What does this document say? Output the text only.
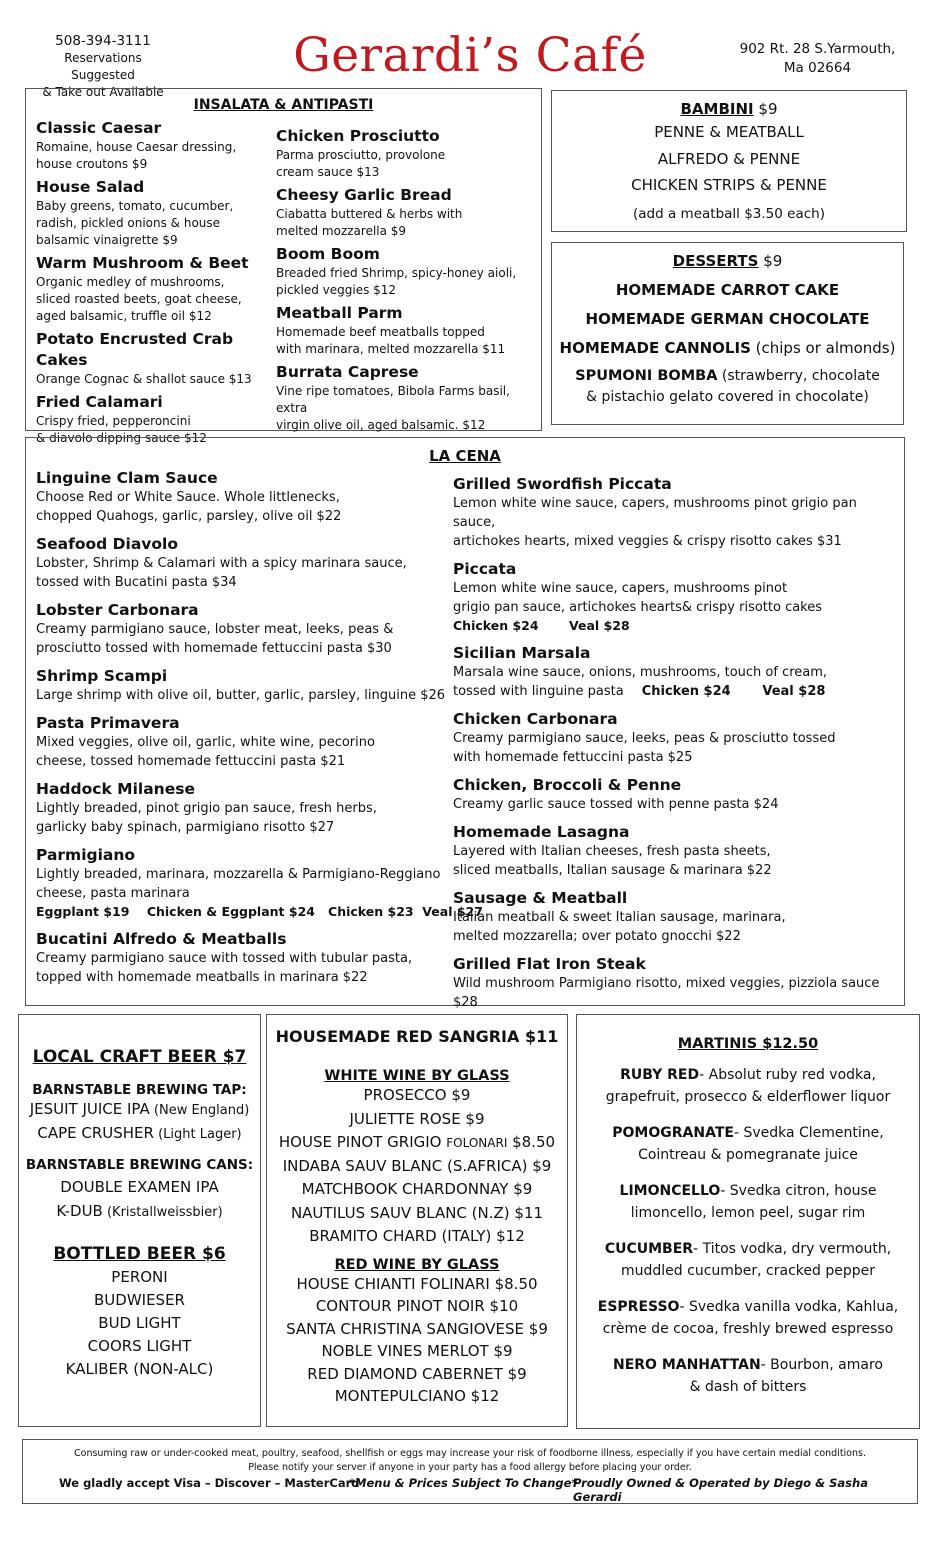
508-394-3111
Reservations Suggested
& Take out Available
Gerardi’s Café	902 Rt. 28 S.Yarmouth,
Ma 02664
INSALATA & ANTIPASTI
Classic Caesar
Romaine, house Caesar dressing,
house croutons $9
House Salad
Baby greens, tomato, cucumber,
radish, pickled onions & house
balsamic vinaigrette $9
Warm Mushroom & Beet
Organic medley of mushrooms,
sliced roasted beets, goat cheese,
aged balsamic, truffle oil $12
Potato Encrusted Crab Cakes
Orange Cognac & shallot sauce $13
Fried Calamari
Crispy fried, pepperoncini
& diavolo dipping sauce $12
Chicken Prosciutto
Parma prosciutto, provolone
cream sauce $13
Cheesy Garlic Bread
Ciabatta buttered & herbs with
melted mozzarella $9
Boom Boom
Breaded fried Shrimp, spicy-honey aioli,
pickled veggies $12
Meatball Parm
Homemade beef meatballs topped
with marinara, melted mozzarella $11
Burrata Caprese
Vine ripe tomatoes, Bibola Farms basil, extra
virgin olive oil, aged balsamic. $12
BAMBINI $9
PENNE & MEATBALL
ALFREDO & PENNE
CHICKEN STRIPS & PENNE
(add a meatball $3.50 each)
DESSERTS $9
HOMEMADE CARROT CAKE
HOMEMADE GERMAN CHOCOLATE
HOMEMADE CANNOLIS (chips or almonds)
SPUMONI BOMBA (strawberry, chocolate
& pistachio gelato covered in chocolate)
LA CENA
Linguine Clam Sauce
Choose Red or White Sauce. Whole littlenecks,
chopped Quahogs, garlic, parsley, olive oil $22
Seafood Diavolo
Lobster, Shrimp & Calamari with a spicy marinara sauce,
tossed with Bucatini pasta $34
Lobster Carbonara
Creamy parmigiano sauce, lobster meat, leeks, peas &
prosciutto tossed with homemade fettuccini pasta $30
Shrimp Scampi
Large shrimp with olive oil, butter, garlic, parsley, linguine $26
Pasta Primavera
Mixed veggies, olive oil, garlic, white wine, pecorino
cheese, tossed homemade fettuccini pasta $21
Haddock Milanese
Lightly breaded, pinot grigio pan sauce, fresh herbs,
garlicky baby spinach, parmigiano risotto $27
Parmigiano
Lightly breaded, marinara, mozzarella & Parmigiano-Reggiano
cheese, pasta marinara
Eggplant $19    Chicken & Eggplant $24   Chicken $23  Veal $27
Bucatini Alfredo & Meatballs
Creamy parmigiano sauce with tossed with tubular pasta,
topped with homemade meatballs in marinara $22
Grilled Swordfish Piccata
Lemon white wine sauce, capers, mushrooms pinot grigio pan sauce,
artichokes hearts, mixed veggies & crispy risotto cakes $31
Piccata
Lemon white wine sauce, capers, mushrooms pinot
grigio pan sauce, artichokes hearts& crispy risotto cakes
Chicken $24       Veal $28
Sicilian Marsala
Marsala wine sauce, onions, mushrooms, touch of cream,
tossed with linguine pasta Chicken $24       Veal $28
Chicken Carbonara
Creamy parmigiano sauce, leeks, peas & prosciutto tossed
with homemade fettuccini pasta $25
Chicken, Broccoli & Penne
Creamy garlic sauce tossed with penne pasta $24
Homemade Lasagna
Layered with Italian cheeses, fresh pasta sheets,
sliced meatballs, Italian sausage & marinara $22
Sausage & Meatball
Italian meatball & sweet Italian sausage, marinara,
melted mozzarella; over potato gnocchi $22
Grilled Flat Iron Steak
Wild mushroom Parmigiano risotto, mixed veggies, pizziola sauce $28
LOCAL CRAFT BEER $7
BARNSTABLE BREWING TAP:
JESUIT JUICE IPA (New England)
CAPE CRUSHER (Light Lager)
BARNSTABLE BREWING CANS:
DOUBLE EXAMEN IPA
K-DUB (Kristallweissbier)
BOTTLED BEER $6
PERONI
BUDWIESER
BUD LIGHT
COORS LIGHT
KALIBER (NON-ALC)
HOUSEMADE RED SANGRIA $11
WHITE WINE BY GLASS
PROSECCO $9
JULIETTE ROSE $9
HOUSE PINOT GRIGIO FOLONARI $8.50
INDABA SAUV BLANC (S.AFRICA) $9
MATCHBOOK CHARDONNAY $9
NAUTILUS SAUV BLANC (N.Z) $11
BRAMITO CHARD (ITALY) $12
RED WINE BY GLASS
HOUSE CHIANTI FOLINARI $8.50
CONTOUR PINOT NOIR $10
SANTA CHRISTINA SANGIOVESE $9
NOBLE VINES MERLOT $9
RED DIAMOND CABERNET $9
MONTEPULCIANO $12
MARTINIS $12.50
RUBY RED- Absolut ruby red vodka,
grapefruit, prosecco & elderflower liquor
POMOGRANATE- Svedka Clementine,
Cointreau & pomegranate juice
LIMONCELLO- Svedka citron, house
limoncello, lemon peel, sugar rim
CUCUMBER- Titos vodka, dry vermouth,
muddled cucumber, cracked pepper
ESPRESSO- Svedka vanilla vodka, Kahlua,
crème de cocoa, freshly brewed espresso
NERO MANHATTAN- Bourbon, amaro
& dash of bitters
Consuming raw or under-cooked meat, poultry, seafood, shellfish or eggs may increase your risk of foodborne illness, especially if you have certain medial conditions.
Please notify your server if anyone in your party has a food allergy before placing your order.
We gladly accept Visa – Discover – MasterCard
*Menu & Prices Subject To Change*
Proudly Owned & Operated by Diego & Sasha Gerardi
